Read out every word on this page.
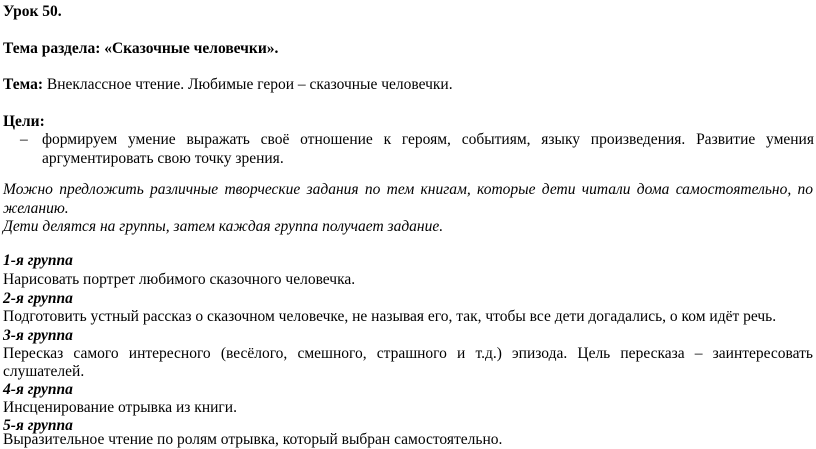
Урок 50.
Тема раздела: «Сказочные человечки».
Тема: Внеклассное чтение. Любимые герои – сказочные человечки.
Цели:
– формируем умение выражать своё отношение к героям, событиям, языку произведения. Развитие умения
аргументировать свою точку зрения.
Можно предложить различные творческие задания по тем книгам, которые дети читали дома самостоятельно, по
желанию.
Дети делятся на группы, затем каждая группа получает задание.
1-я группа
Нарисовать портрет любимого сказочного человечка.
2-я группа
Подготовить устный рассказ о сказочном человечке, не называя его, так, чтобы все дети догадались, о ком идёт речь.
3-я группа
Пересказ самого интересного (весёлого, смешного, страшного и т.д.) эпизода. Цель пересказа – заинтересовать
слушателей.
4-я группа
Инсценирование отрывка из книги.
5-я группа
Выразительное чтение по ролям отрывка, который выбран самостоятельно.
